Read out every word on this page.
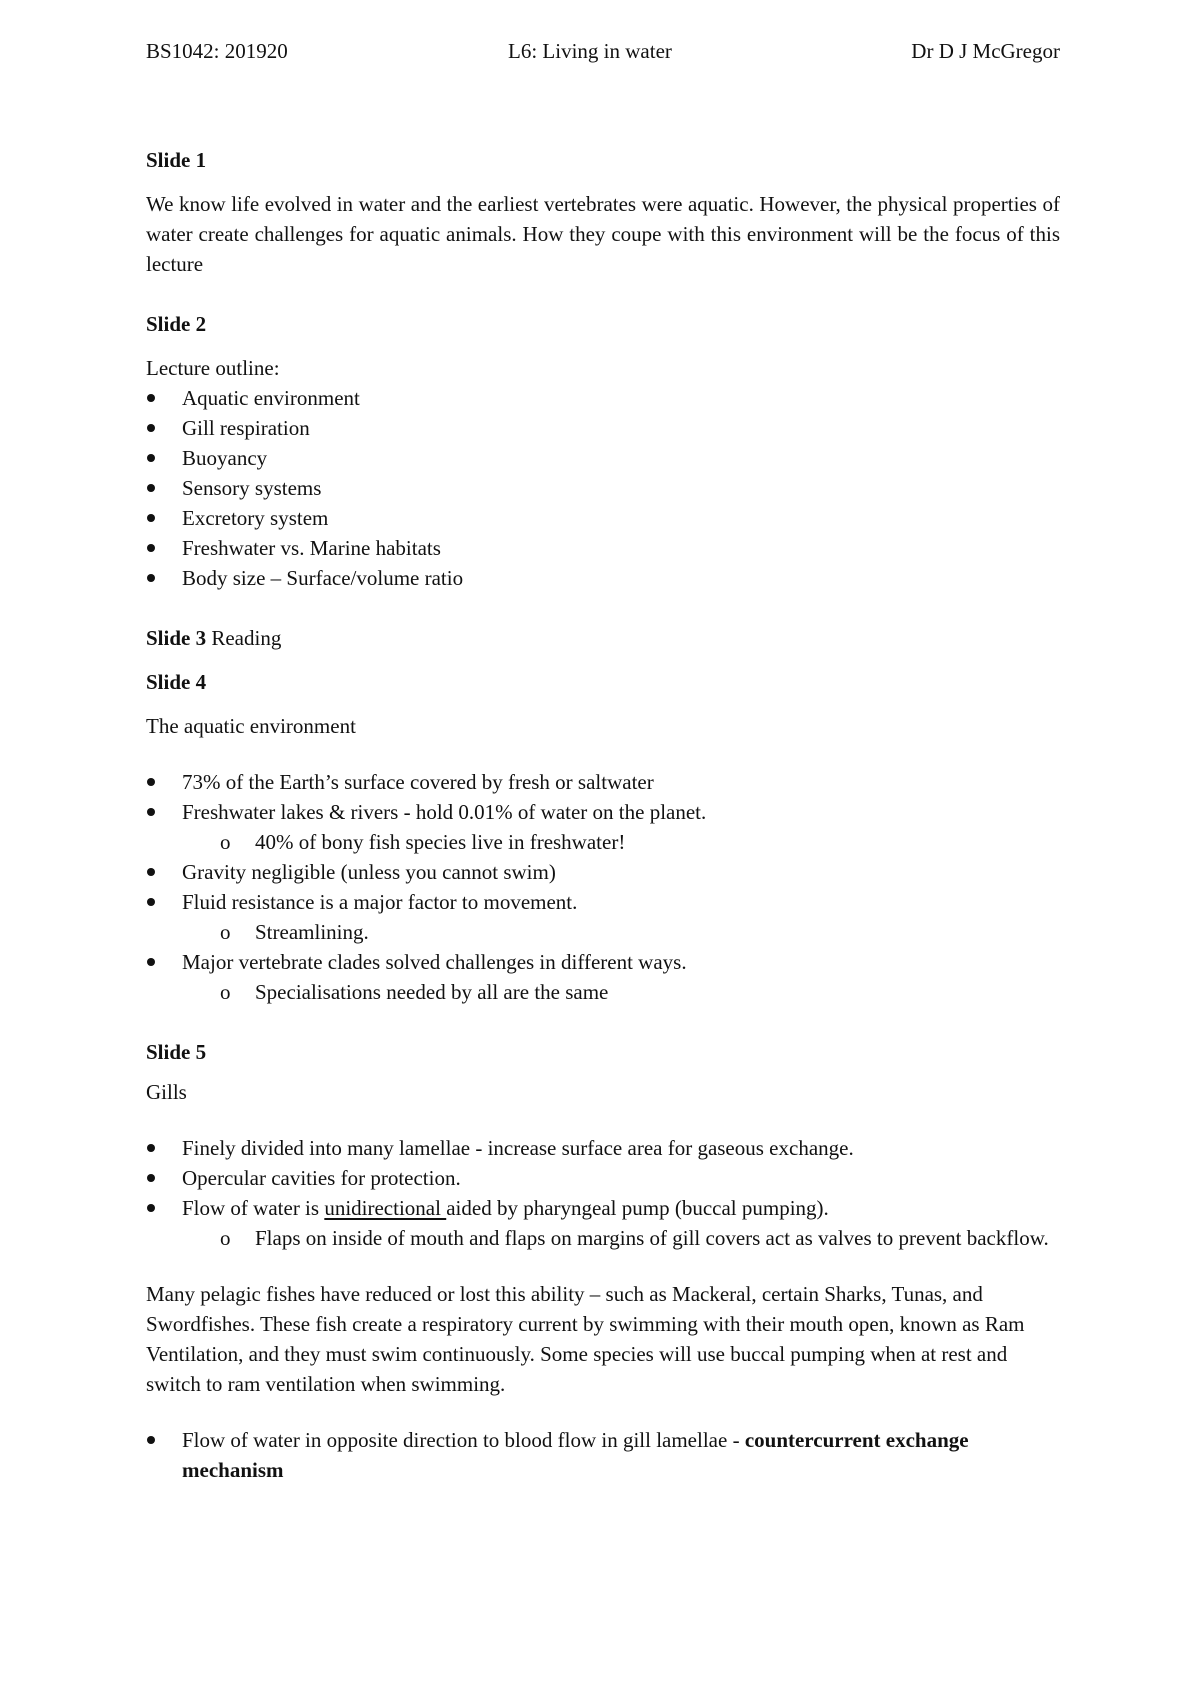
BS1042: 201920	L6: Living in water	Dr D J McGregor
Slide 1

We know life evolved in water and the earliest vertebrates were aquatic. However, the physical properties of water create challenges for aquatic animals. How they coupe with this environment will be the focus of this lecture

Slide 2

Lecture outline:

Aquatic environment
Gill respiration
Buoyancy
Sensory systems
Excretory system
Freshwater vs. Marine habitats
Body size – Surface/volume ratio

Slide 3 Reading

Slide 4

The aquatic environment

73% of the Earth’s surface covered by fresh or saltwater
Freshwater lakes & rivers - hold 0.01% of water on the planet.
o 40% of bony fish species live in freshwater!
Gravity negligible (unless you cannot swim)
Fluid resistance is a major factor to movement.
o Streamlining.
Major vertebrate clades solved challenges in different ways.
o Specialisations needed by all are the same
Slide 5

Gills

Finely divided into many lamellae - increase surface area for gaseous exchange.
Opercular cavities for protection.
Flow of water is unidirectional aided by pharyngeal pump (buccal pumping).
o Flaps on inside of mouth and flaps on margins of gill covers act as valves to prevent backflow.

Many pelagic fishes have reduced or lost this ability – such as Mackeral, certain Sharks, Tunas, and Swordfishes. These fish create a respiratory current by swimming with their mouth open, known as Ram Ventilation, and they must swim continuously. Some species will use buccal pumping when at rest and switch to ram ventilation when swimming.

Flow of water in opposite direction to blood flow in gill lamellae - countercurrent exchange mechanism
